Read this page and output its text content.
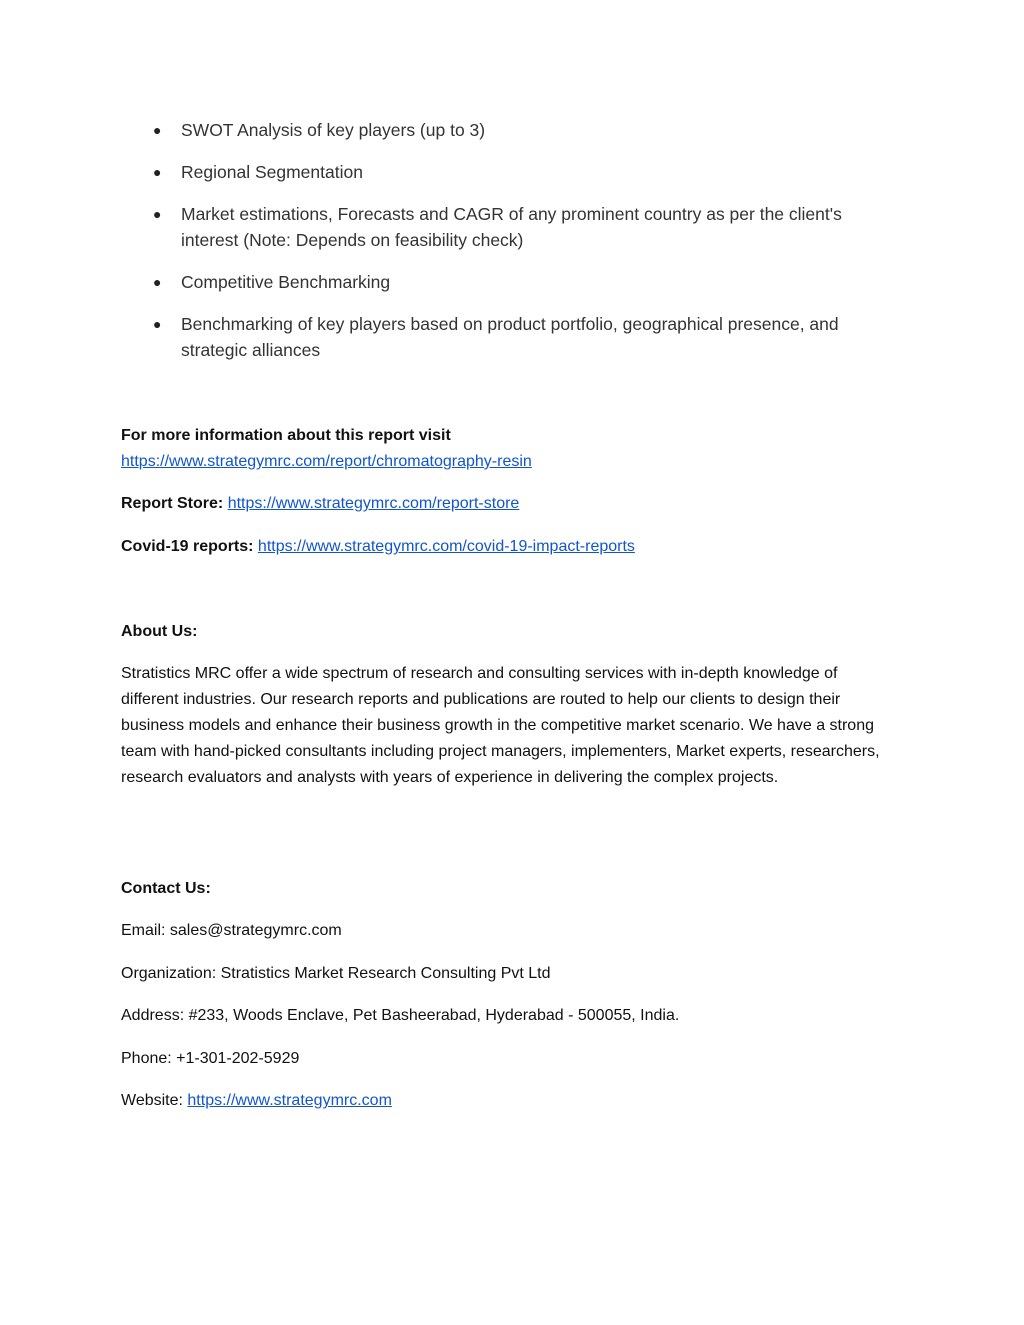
● SWOT Analysis of key players (up to 3)
● Regional Segmentation
● Market estimations, Forecasts and CAGR of any prominent country as per the client's interest (Note: Depends on feasibility check)
● Competitive Benchmarking
● Benchmarking of key players based on product portfolio, geographical presence, and strategic alliances

For more information about this report visit

https://www.strategymrc.com/report/chromatography-resin

Report Store: https://www.strategymrc.com/report-store
Covid-19 reports: https://www.strategymrc.com/covid-19-impact-reports
About Us:
Stratistics MRC offer a wide spectrum of research and consulting services with in-depth knowledge of different industries. Our research reports and publications are routed to help our clients to design their business models and enhance their business growth in the competitive market scenario. We have a strong team with hand-picked consultants including project managers, implementers, Market experts, researchers, research evaluators and analysts with years of experience in delivering the complex projects.
Contact Us:
Email: sales@strategymrc.com
Organization: Stratistics Market Research Consulting Pvt Ltd
Address: #233, Woods Enclave, Pet Basheerabad, Hyderabad - 500055, India.
Phone: +1-301-202-5929
Website: https://www.strategymrc.com
